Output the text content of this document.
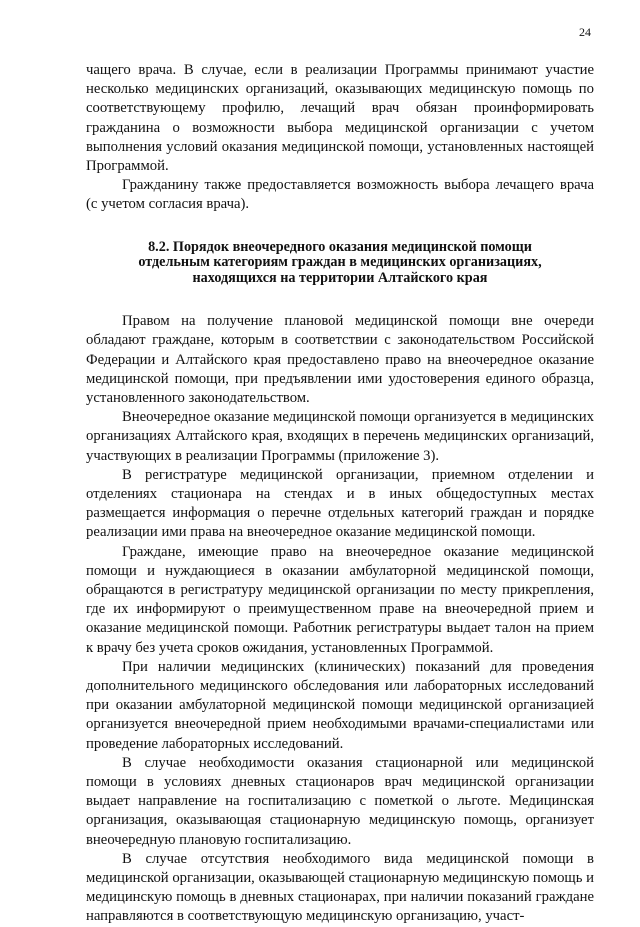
24

чащего врача. В случае, если в реализации Программы принимают участие несколько медицинских организаций, оказывающих медицинскую помощь по соответствующему профилю, лечащий врач обязан проинформировать гражданина о возможности выбора медицинской организации с учетом выполнения условий оказания медицинской помощи, установленных настоящей Программой.

Гражданину также предоставляется возможность выбора лечащего врача (с учетом согласия врача).

8.2. Порядок внеочередного оказания медицинской помощи
отдельным категориям граждан в медицинских организациях,
находящихся на территории Алтайского края

Правом на получение плановой медицинской помощи вне очереди обладают граждане, которым в соответствии с законодательством Российской Федерации и Алтайского края предоставлено право на внеочередное оказание медицинской помощи, при предъявлении ими удостоверения единого образца, установленного законодательством.

Внеочередное оказание медицинской помощи организуется в медицинских организациях Алтайского края, входящих в перечень медицинских организаций, участвующих в реализации Программы (приложение 3).

В регистратуре медицинской организации, приемном отделении и отделениях стационара на стендах и в иных общедоступных местах размещается информация о перечне отдельных категорий граждан и порядке реализации ими права на внеочередное оказание медицинской помощи.

Граждане, имеющие право на внеочередное оказание медицинской помощи и нуждающиеся в оказании амбулаторной медицинской помощи, обращаются в регистратуру медицинской организации по месту прикрепления, где их информируют о преимущественном праве на внеочередной прием и оказание медицинской помощи. Работник регистратуры выдает талон на прием к врачу без учета сроков ожидания, установленных Программой.

При наличии медицинских (клинических) показаний для проведения дополнительного медицинского обследования или лабораторных исследований при оказании амбулаторной медицинской помощи медицинской организацией организуется внеочередной прием необходимыми врачами-специалистами или проведение лабораторных исследований.

В случае необходимости оказания стационарной или медицинской помощи в условиях дневных стационаров врач медицинской организации выдает направление на госпитализацию с пометкой о льготе. Медицинская организация, оказывающая стационарную медицинскую помощь, организует внеочередную плановую госпитализацию.

В случае отсутствия необходимого вида медицинской помощи в медицинской организации, оказывающей стационарную медицинскую помощь и медицинскую помощь в дневных стационарах, при наличии показаний граждане направляются в соответствующую медицинскую организацию, участ-
